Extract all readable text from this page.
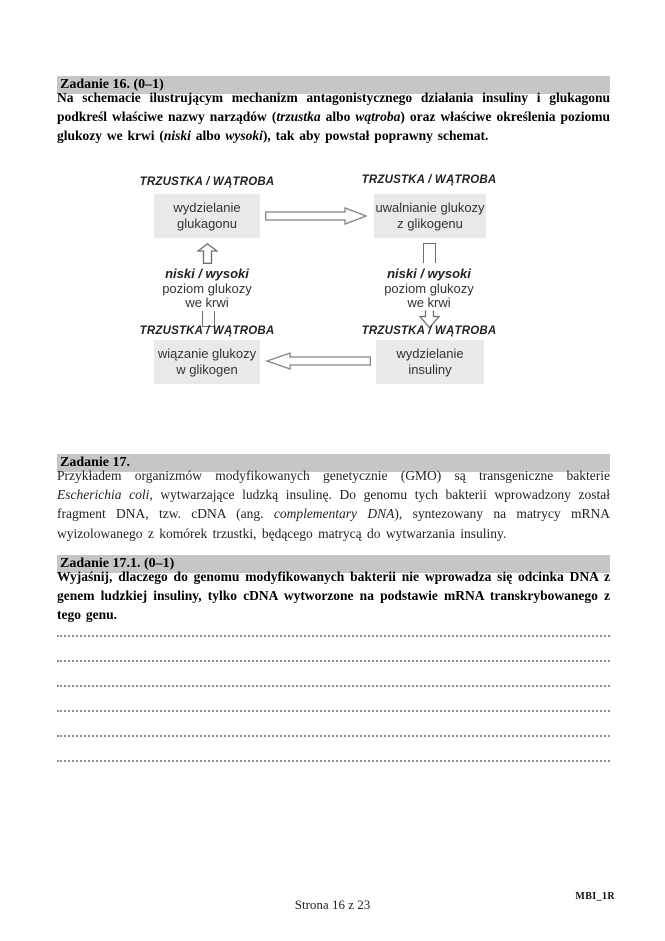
Zadanie 16. (0–1)

Na schemacie ilustrującym mechanizm antagonistycznego działania insuliny i glukagonu podkreśl właściwe nazwy narządów (trzustka albo wątroba) oraz właściwe określenia poziomu glukozy we krwi (niski albo wysoki), tak aby powstał poprawny schemat.

TRZUSTKA / WĄTROBA
wydzielanie
glukagonu
TRZUSTKA / WĄTROBA
uwalnianie glukozy
z glikogenu
niski / wysoki
poziom glukozy
we krwi
niski / wysoki
poziom glukozy
we krwi
TRZUSTKA / WĄTROBA
wiązanie glukozy
w glikogen
TRZUSTKA / WĄTROBA
wydzielanie
insuliny
Zadanie 17.

Przykładem organizmów modyfikowanych genetycznie (GMO) są transgeniczne bakterie Escherichia coli, wytwarzające ludzką insulinę. Do genomu tych bakterii wprowadzony został fragment DNA, tzw. cDNA (ang. complementary DNA), syntezowany na matrycy mRNA wyizolowanego z komórek trzustki, będącego matrycą do wytwarzania insuliny.

Zadanie 17.1. (0–1)

Wyjaśnij, dlaczego do genomu modyfikowanych bakterii nie wprowadza się odcinka DNA z genem ludzkiej insuliny, tylko cDNA wytworzone na podstawie mRNA transkrybowanego z tego genu.

Strona 16 z 23
MBI_1R
